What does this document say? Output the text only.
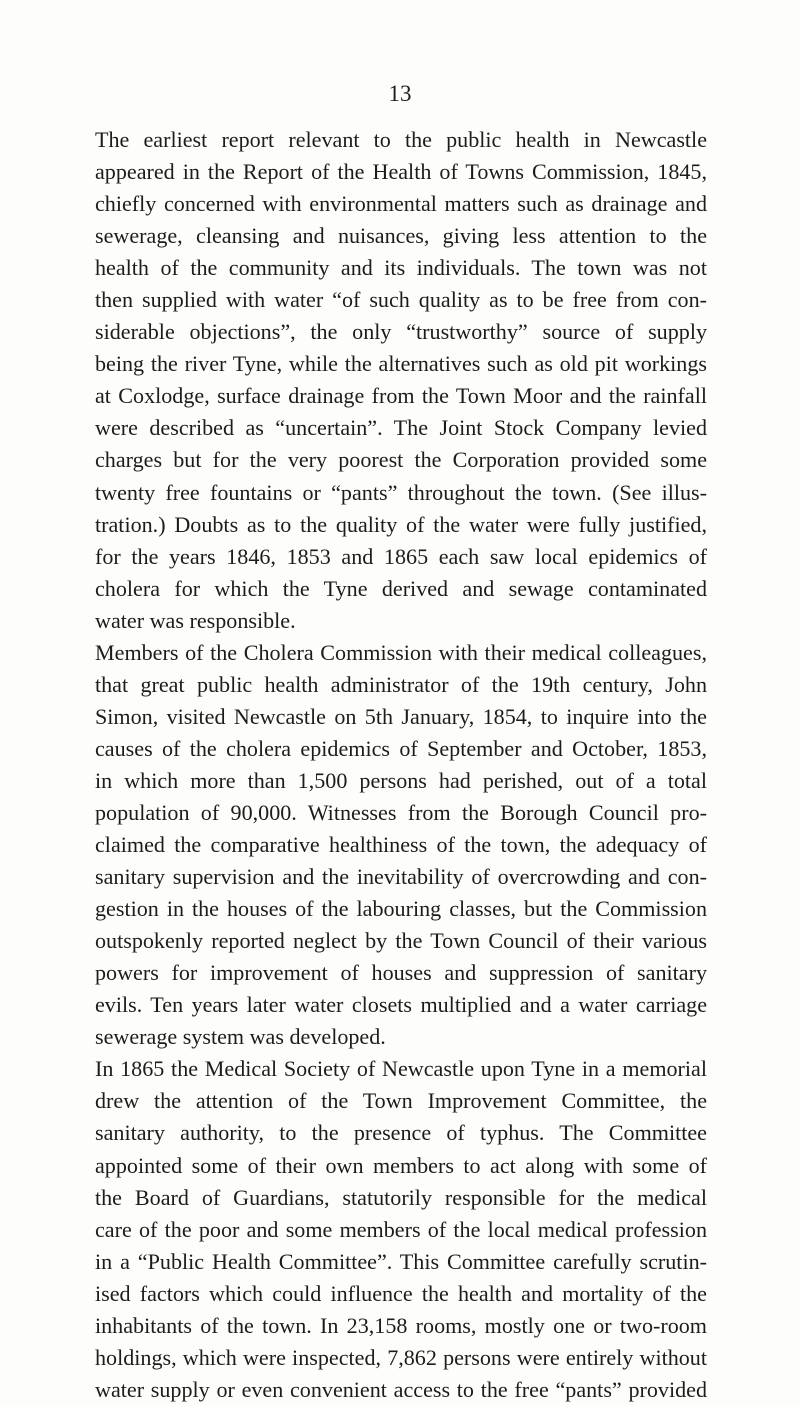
13
The earliest report relevant to the public health in Newcastle
appeared in the Report of the Health of Towns Commission, 1845,
chiefly concerned with environmental matters such as drainage and
sewerage, cleansing and nuisances, giving less attention to the
health of the community and its individuals. The town was not
then supplied with water “of such quality as to be free from con-
siderable objections”, the only “trustworthy” source of supply
being the river Tyne, while the alternatives such as old pit workings
at Coxlodge, surface drainage from the Town Moor and the rainfall
were described as “uncertain”. The Joint Stock Company levied
charges but for the very poorest the Corporation provided some
twenty free fountains or “pants” throughout the town. (See illus-
tration.) Doubts as to the quality of the water were fully justified,
for the years 1846, 1853 and 1865 each saw local epidemics of
cholera for which the Tyne derived and sewage contaminated
water was responsible.
Members of the Cholera Commission with their medical colleagues,
that great public health administrator of the 19th century, John
Simon, visited Newcastle on 5th January, 1854, to inquire into the
causes of the cholera epidemics of September and October, 1853,
in which more than 1,500 persons had perished, out of a total
population of 90,000. Witnesses from the Borough Council pro-
claimed the comparative healthiness of the town, the adequacy of
sanitary supervision and the inevitability of overcrowding and con-
gestion in the houses of the labouring classes, but the Commission
outspokenly reported neglect by the Town Council of their various
powers for improvement of houses and suppression of sanitary
evils. Ten years later water closets multiplied and a water carriage
sewerage system was developed.
In 1865 the Medical Society of Newcastle upon Tyne in a memorial
drew the attention of the Town Improvement Committee, the
sanitary authority, to the presence of typhus. The Committee
appointed some of their own members to act along with some of
the Board of Guardians, statutorily responsible for the medical
care of the poor and some members of the local medical profession
in a “Public Health Committee”. This Committee carefully scrutin-
ised factors which could influence the health and mortality of the
inhabitants of the town. In 23,158 rooms, mostly one or two-room
holdings, which were inspected, 7,862 persons were entirely without
water supply or even convenient access to the free “pants” provided
